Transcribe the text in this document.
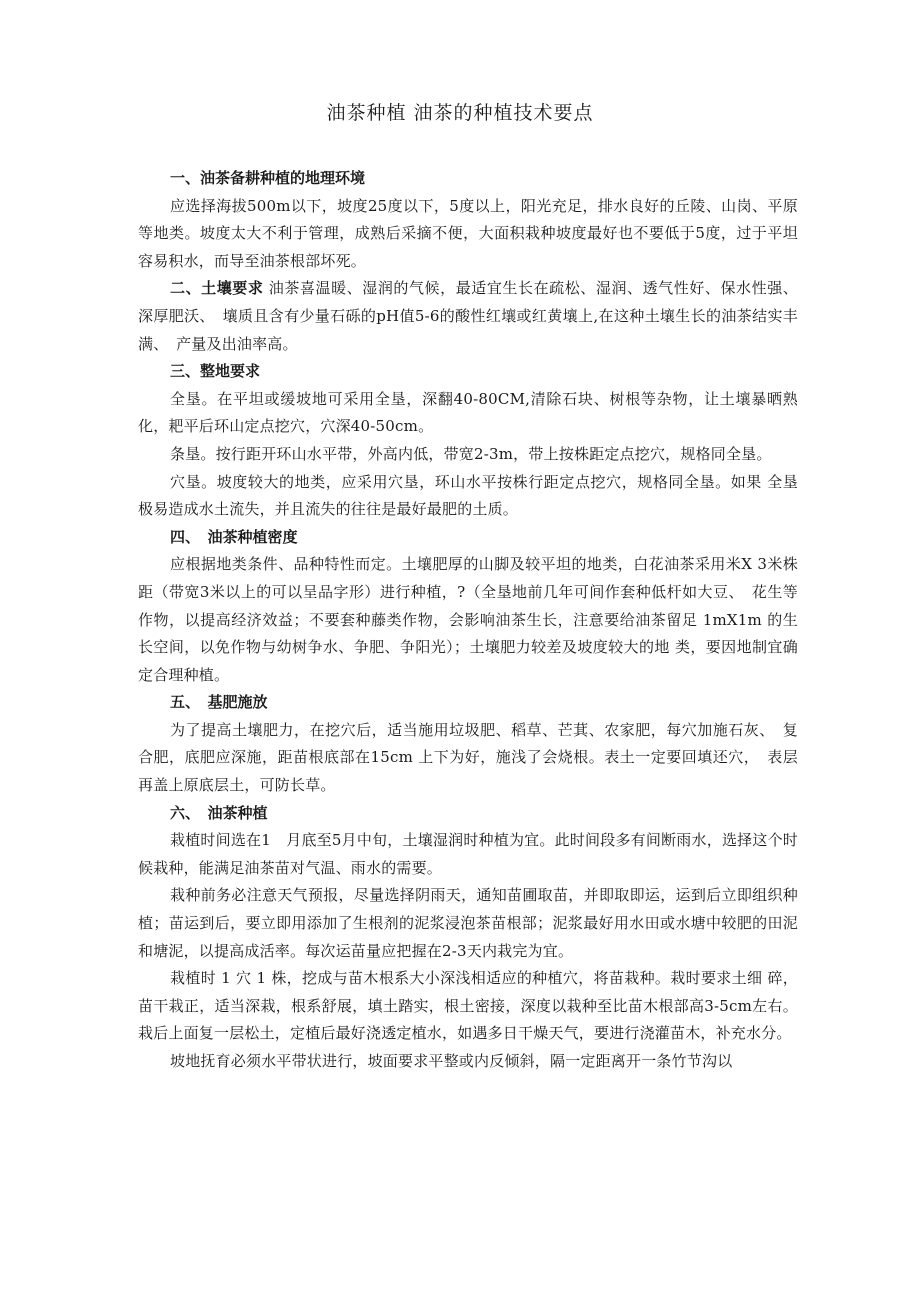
油茶种植 油茶的种植技术要点
一、油茶备耕种植的地理环境

应选择海拔500m以下，坡度25度以下，5度以上，阳光充足，排水良好的丘陵、山岗、平原等地类。坡度太大不利于管理，成熟后采摘不便，大面积栽种坡度最好也不要低于5度，过于平坦容易积水，而导至油茶根部坏死。

二、土壤要求 油茶喜温暖、湿润的气候，最适宜生长在疏松、湿润、透气性好、保水性强、深厚肥沃、　壤质且含有少量石砾的pH值5-6的酸性红壤或红黄壤上,在这种土壤生长的油茶结实丰满、　产量及出油率高。

三、整地要求

全垦。在平坦或缓坡地可采用全垦，深翻40-80CM,清除石块、树根等杂物，让土壤暴晒熟化，耙平后环山定点挖穴，穴深40-50cm。

条垦。按行距开环山水平带，外高内低，带宽2-3m，带上按株距定点挖穴，规格同全垦。

穴垦。坡度较大的地类，应采用穴垦，环山水平按株行距定点挖穴，规格同全垦。如果 全垦极易造成水土流失，并且流失的往往是最好最肥的土质。

四、　油茶种植密度

应根据地类条件、品种特性而定。土壤肥厚的山脚及较平坦的地类，白花油茶采用米X 3米株距（带宽3米以上的可以呈品字形）进行种植，?（全垦地前几年可间作套种低杆如大豆、　花生等作物，以提高经济效益；不要套种藤类作物，会影响油茶生长，注意要给油茶留足 1mX1m 的生长空间，以免作物与幼树争水、争肥、争阳光）；土壤肥力较差及坡度较大的地 类，要因地制宜确定合理种植。

五、　基肥施放

为了提高土壤肥力，在挖穴后，适当施用垃圾肥、稻草、芒萁、农家肥，每穴加施石灰、　复合肥，底肥应深施，距苗根底部在15cm 上下为好，施浅了会烧根。表土一定要回填还穴，　表层再盖上原底层土，可防长草。

六、　油茶种植

栽植时间选在1　月底至5月中旬，土壤湿润时种植为宜。此时间段多有间断雨水，选择这个时候栽种，能满足油茶苗对气温、雨水的需要。

栽种前务必注意天气预报，尽量选择阴雨天，通知苗圃取苗，并即取即运，运到后立即组织种植；苗运到后，要立即用添加了生根剂的泥浆浸泡茶苗根部；泥浆最好用水田或水塘中较肥的田泥和塘泥，以提高成活率。每次运苗量应把握在2-3天内栽完为宜。

栽植时 1 穴 1 株，挖成与苗木根系大小深浅相适应的种植穴，将苗栽种。栽时要求土细 碎，苗干栽正，适当深栽，根系舒展，填土踏实，根土密接，深度以栽种至比苗木根部高3-5cm左右。栽后上面复一层松土，定植后最好浇透定植水，如遇多日干燥天气，要进行浇灌苗木，补充水分。

坡地抚育必须水平带状进行，坡面要求平整或内反倾斜，隔一定距离开一条竹节沟以
